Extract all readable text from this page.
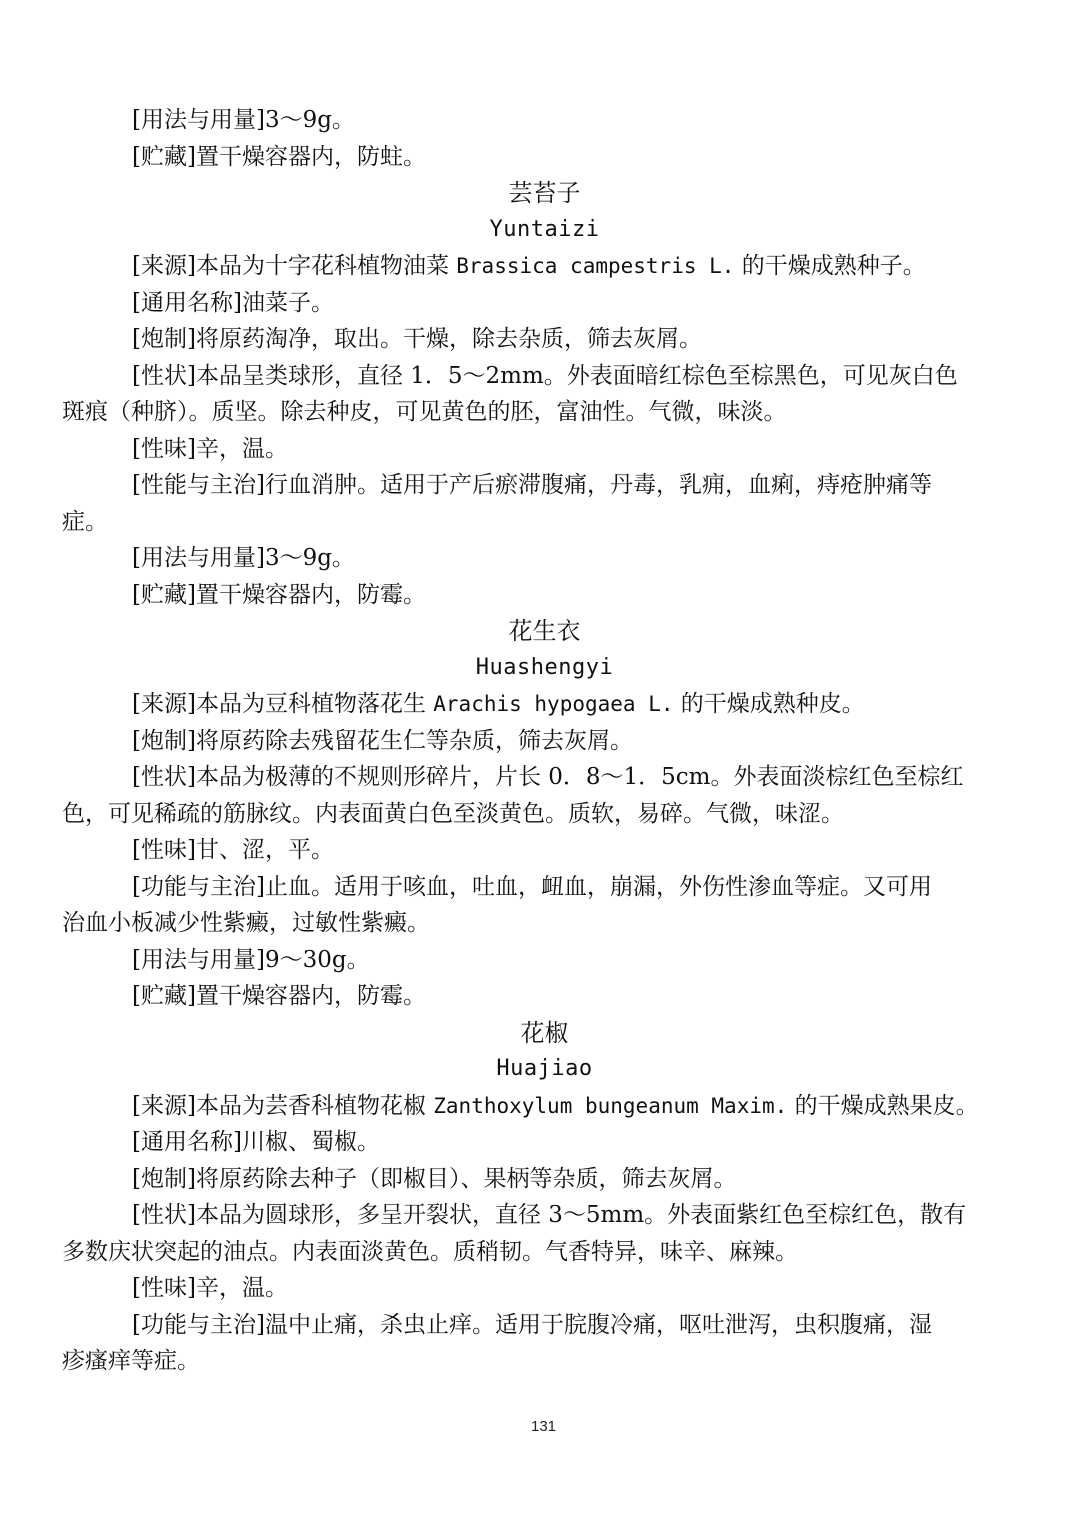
[用法与用量]3～9g。
[贮藏]置干燥容器内，防蛀。
芸苔子
Yuntaizi
[来源]本品为十字花科植物油菜 Brassica campestris L. 的干燥成熟种子。
[通用名称]油菜子。
[炮制]将原药淘净，取出。干燥，除去杂质，筛去灰屑。
[性状]本品呈类球形，直径 1．5～2mm。外表面暗红棕色至棕黑色，可见灰白色
斑痕（种脐）。质坚。除去种皮，可见黄色的胚，富油性。气微，味淡。
[性味]辛，温。
[性能与主治]行血消肿。适用于产后瘀滞腹痛，丹毒，乳痈，血痢，痔疮肿痛等
症。
[用法与用量]3～9g。
[贮藏]置干燥容器内，防霉。
花生衣
Huashengyi
[来源]本品为豆科植物落花生 Arachis hypogaea L. 的干燥成熟种皮。
[炮制]将原药除去残留花生仁等杂质，筛去灰屑。
[性状]本品为极薄的不规则形碎片，片长 0．8～1．5cm。外表面淡棕红色至棕红
色，可见稀疏的筋脉纹。内表面黄白色至淡黄色。质软，易碎。气微，味涩。
[性味]甘、涩，平。
[功能与主治]止血。适用于咳血，吐血，衄血，崩漏，外伤性渗血等症。又可用
治血小板减少性紫癜，过敏性紫癜。
[用法与用量]9～30g。
[贮藏]置干燥容器内，防霉。
花椒
Huajiao
[来源]本品为芸香科植物花椒 Zanthoxylum bungeanum Maxim. 的干燥成熟果皮。
[通用名称]川椒、蜀椒。
[炮制]将原药除去种子（即椒目）、果柄等杂质，筛去灰屑。
[性状]本品为圆球形，多呈开裂状，直径 3～5mm。外表面紫红色至棕红色，散有
多数庆状突起的油点。内表面淡黄色。质稍韧。气香特异，味辛、麻辣。
[性味]辛，温。
[功能与主治]温中止痛，杀虫止痒。适用于脘腹冷痛，呕吐泄泻，虫积腹痛，湿
疹瘙痒等症。
131
